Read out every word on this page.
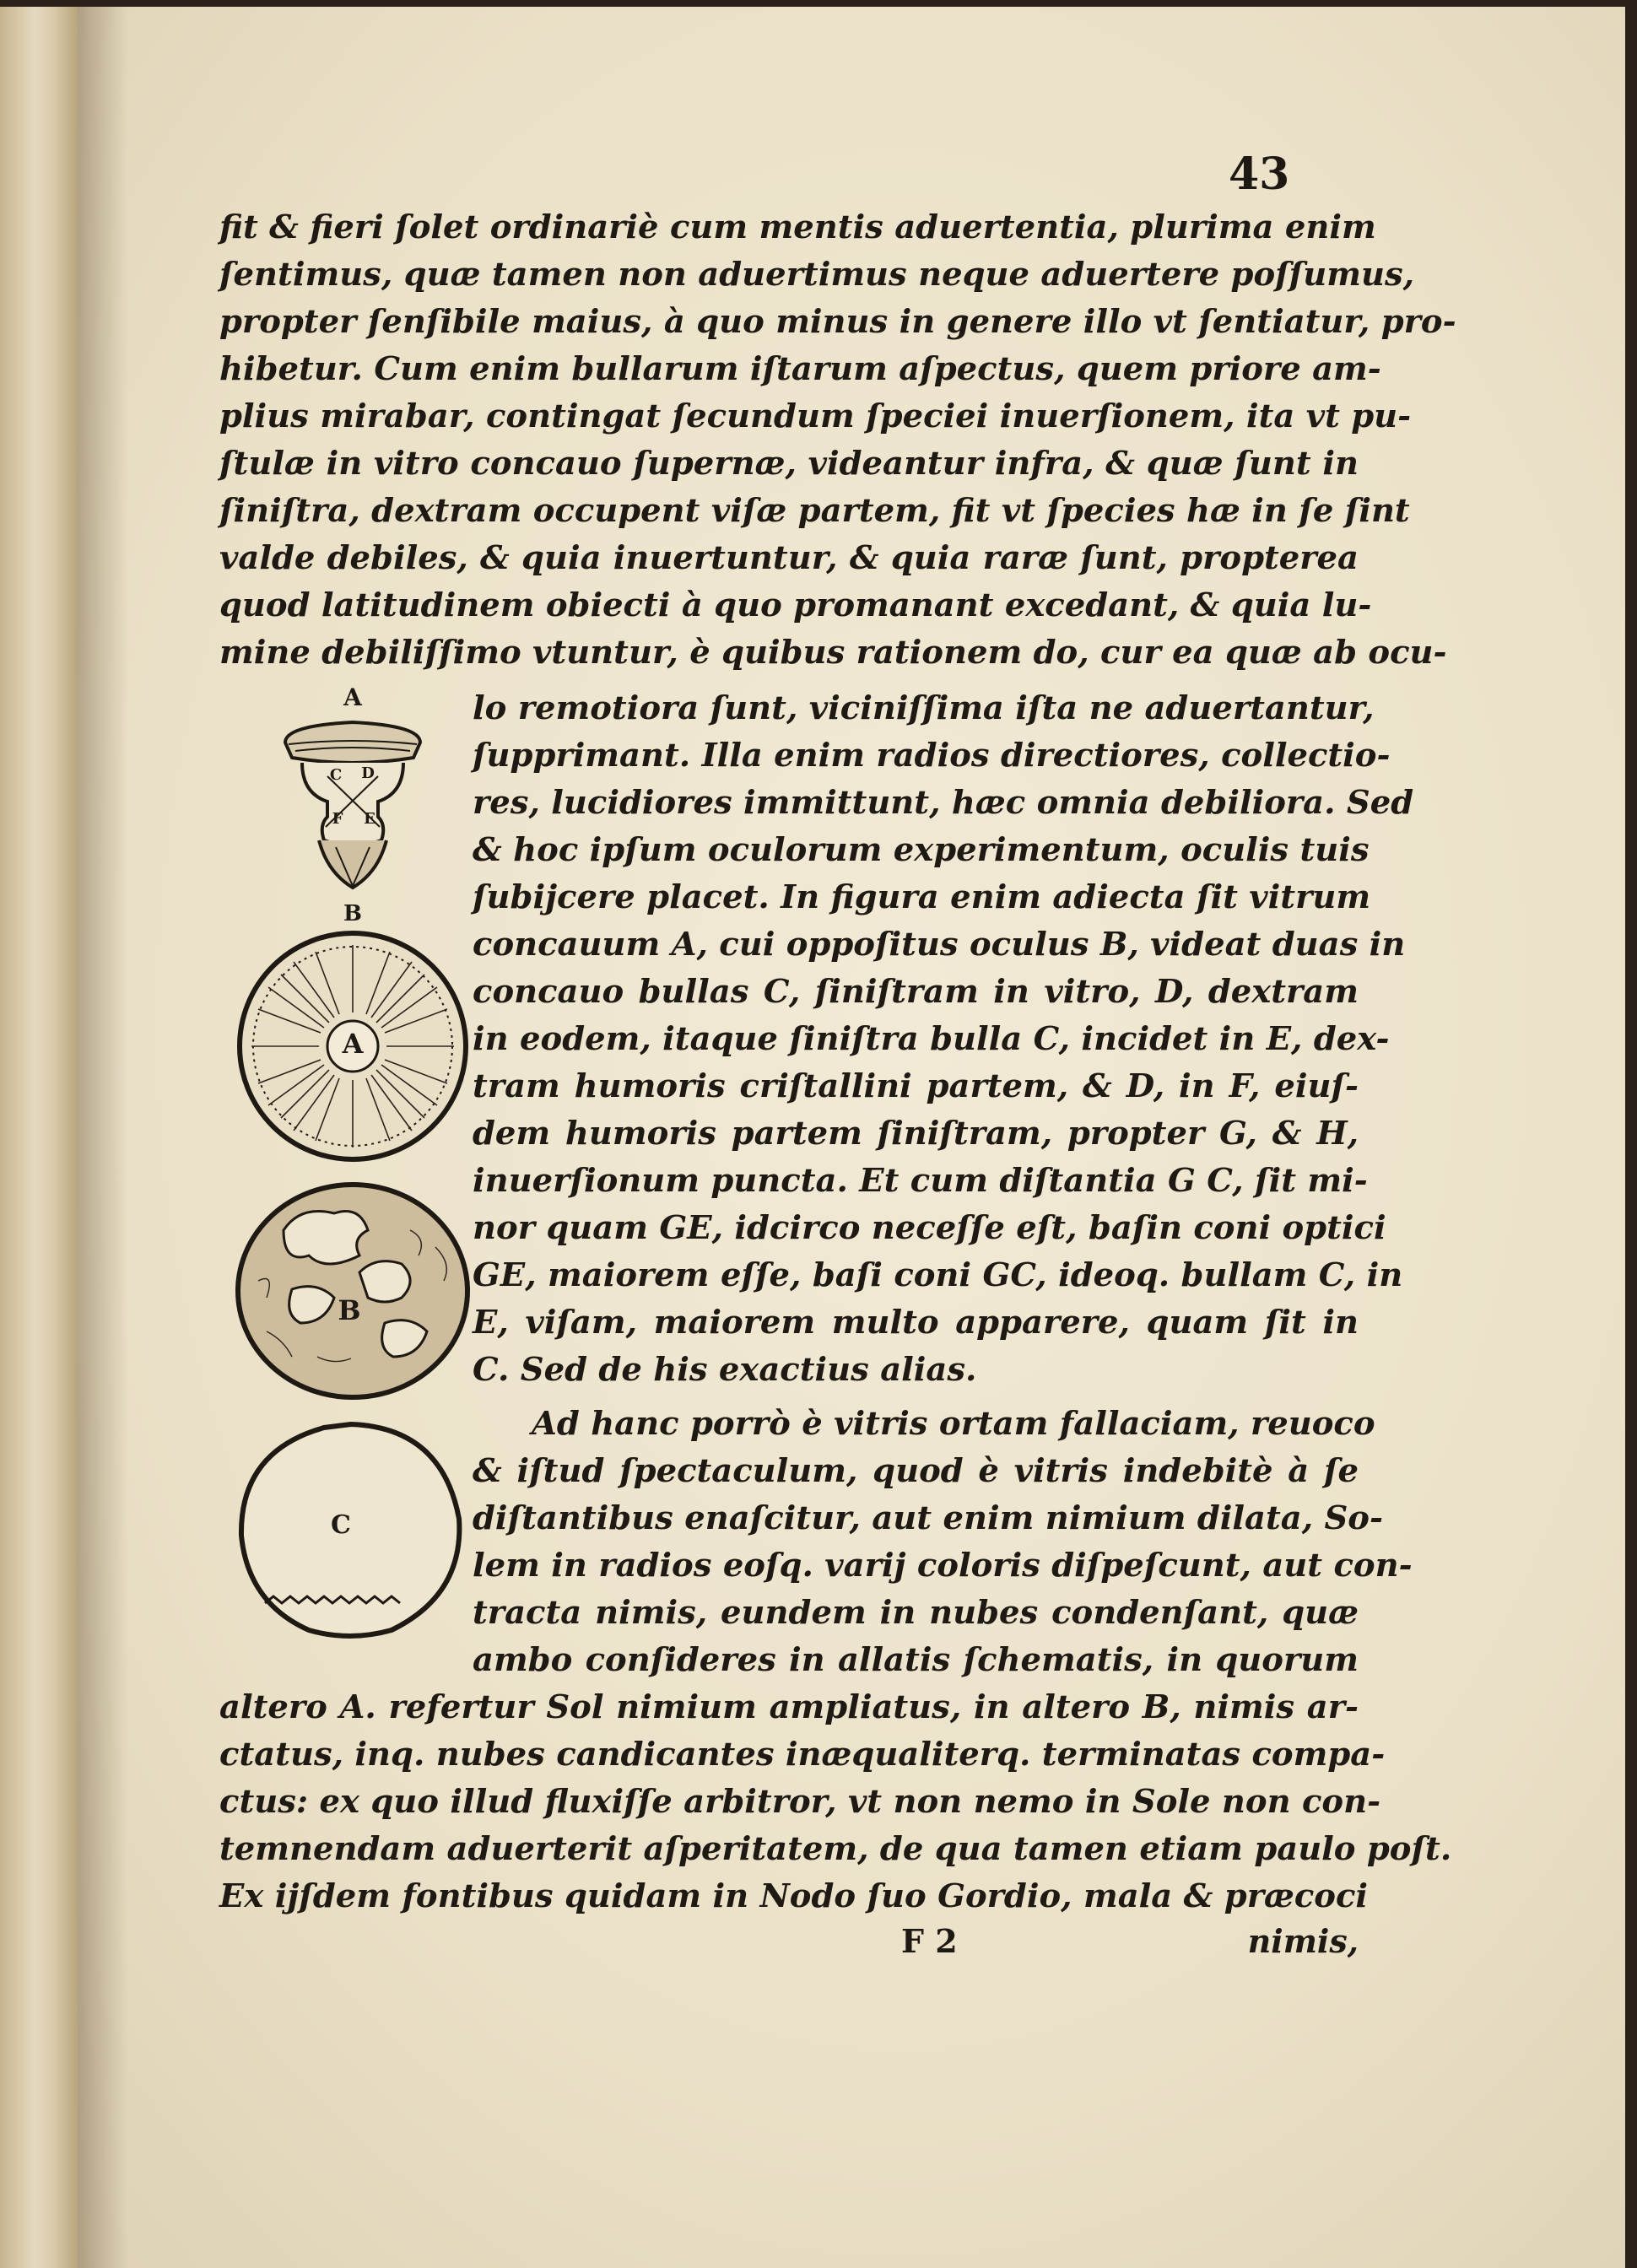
43
fit & fieri ſolet ordinariè cum mentis aduertentia, plurima enim
ſentimus, quæ tamen non aduertimus neque aduertere poſſumus,
propter ſenſibile maius, à quo minus in genere illo vt ſentiatur, pro-
hibetur. Cum enim bullarum iſtarum aſpectus, quem priore am-
plius mirabar, contingat ſecundum ſpeciei inuerſionem, ita vt pu-
ſtulæ in vitro concauo ſupernæ, videantur infra, & quæ ſunt in
ſiniſtra, dextram occupent viſæ partem, fit vt ſpecies hæ in ſe ſint
valde debiles, & quia inuertuntur, & quia raræ ſunt, propterea
quod latitudinem obiecti à quo promanant excedant, & quia lu-
mine debiliſſimo vtuntur, è quibus rationem do, cur ea quæ ab ocu-
lo remotiora ſunt, viciniſſima iſta ne aduertantur,
ſupprimant. Illa enim radios directiores, collectio-
res, lucidiores immittunt, hæc omnia debiliora. Sed
& hoc ipſum oculorum experimentum, oculis tuis
ſubijcere placet. In figura enim adiecta ſit vitrum
concauum A, cui oppoſitus oculus B, videat duas in
concauo bullas C, ſiniſtram in vitro, D, dextram
in eodem, itaque ſiniſtra bulla C, incidet in E, dex-
tram humoris criſtallini partem, & D, in F, eiuſ-
dem humoris partem ſiniſtram, propter G, & H,
inuerſionum puncta. Et cum diſtantia G C, ſit mi-
nor quam GE, idcirco neceſſe eſt, baſin coni optici
GE, maiorem eſſe, baſi coni GC, ideoq. bullam C, in
E, viſam, maiorem multo apparere, quam ſit in
C. Sed de his exactius alias.
Ad hanc porrò è vitris ortam fallaciam, reuoco
& iſtud ſpectaculum, quod è vitris indebitè à ſe
diſtantibus enaſcitur, aut enim nimium dilata, So-
lem in radios eoſq. varij coloris diſpeſcunt, aut con-
tracta nimis, eundem in nubes condenſant, quæ
ambo conſideres in allatis ſchematis, in quorum
altero A. refertur Sol nimium ampliatus, in altero B, nimis ar-
ctatus, inq. nubes candicantes inæqualiterq. terminatas compa-
ctus: ex quo illud fluxiſſe arbitror, vt non nemo in Sole non con-
temnendam aduerterit aſperitatem, de qua tamen etiam paulo poſt.
Ex ijſdem fontibus quidam in Nodo ſuo Gordio, mala & præcoci
F 2	nimis,
A
B
C D
F	E
A
B
C
